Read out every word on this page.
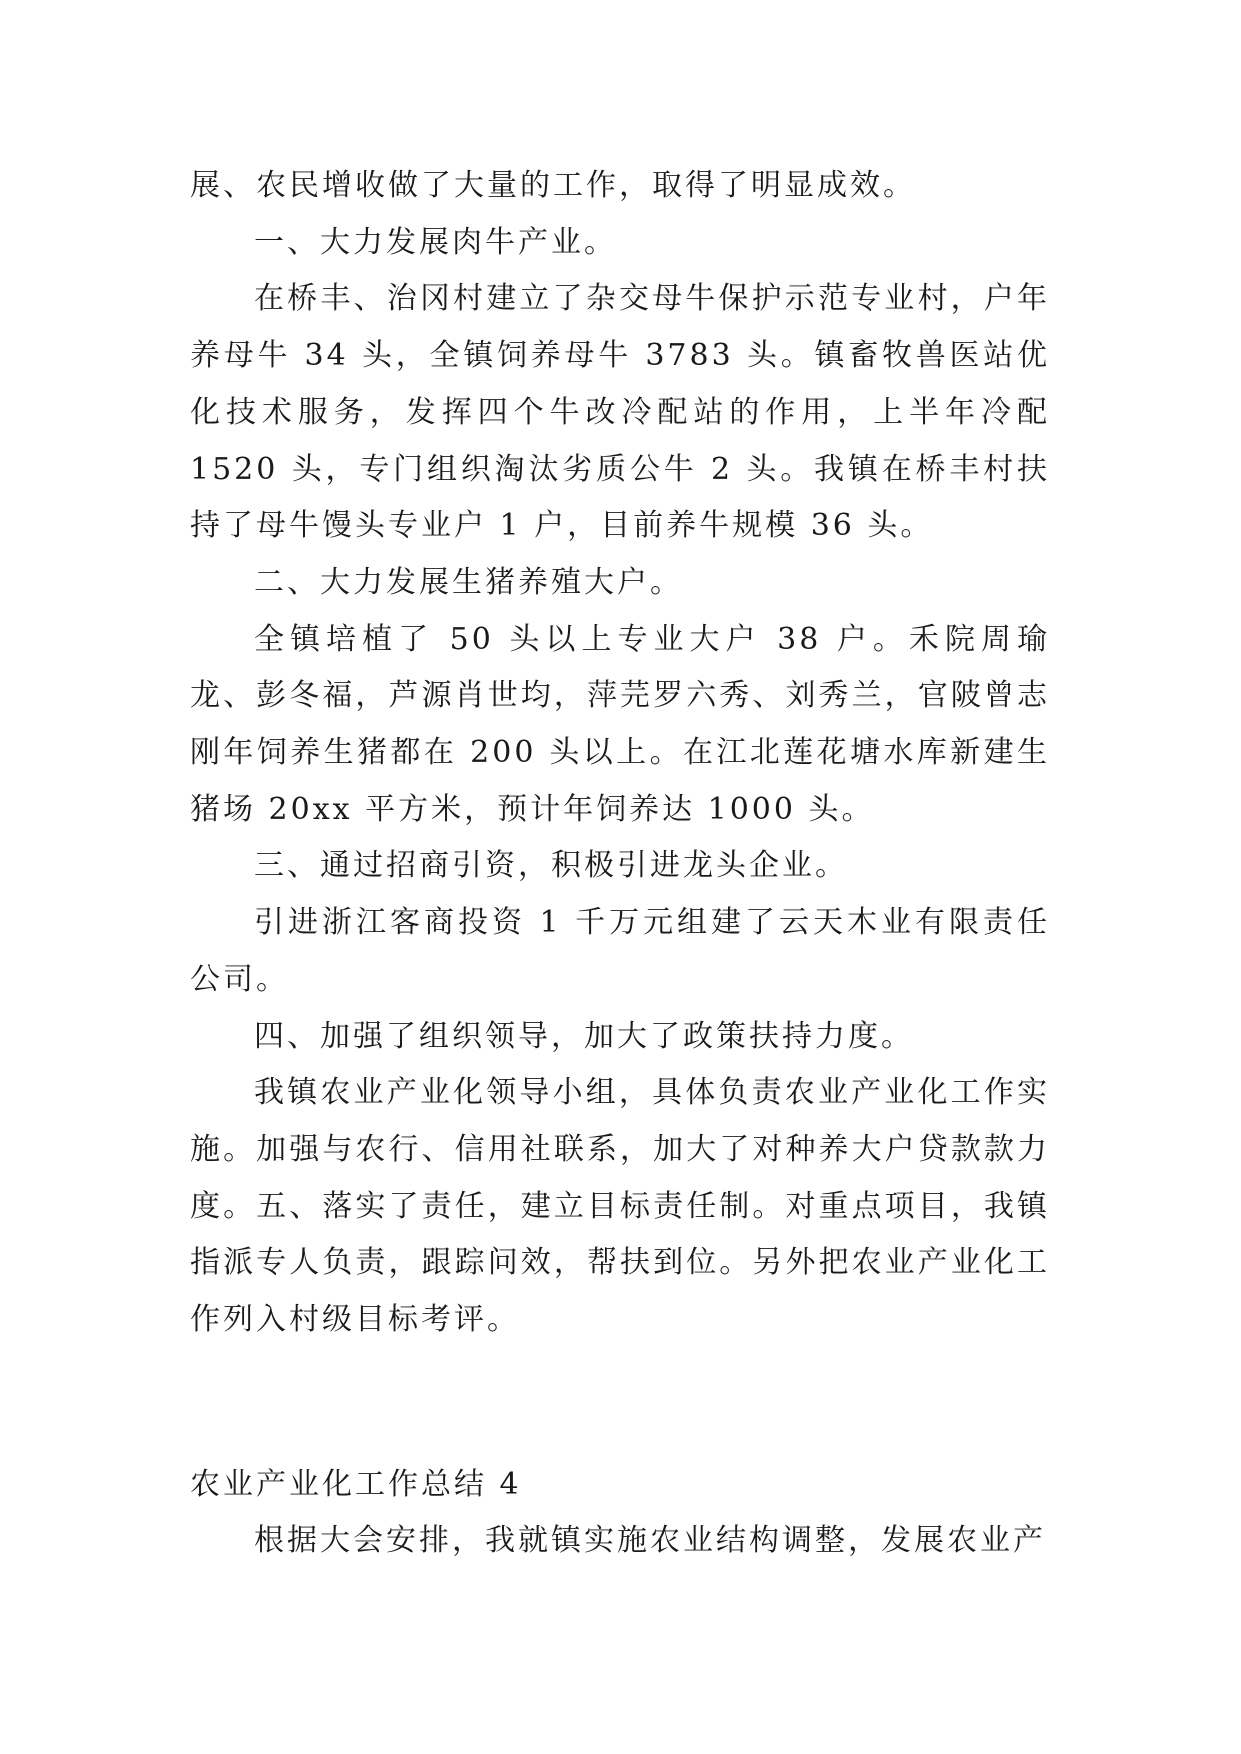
展、农民增收做了大量的工作，取得了明显成效。

一、大力发展肉牛产业。

在桥丰、治冈村建立了杂交母牛保护示范专业村，户年养母牛 34 头，全镇饲养母牛 3783 头。镇畜牧兽医站优化技术服务，发挥四个牛改冷配站的作用，上半年冷配 1520 头，专门组织淘汰劣质公牛 2 头。我镇在桥丰村扶持了母牛馒头专业户 1 户，目前养牛规模 36 头。

二、大力发展生猪养殖大户。

全镇培植了 50 头以上专业大户 38 户。禾院周瑜龙、彭冬福，芦源肖世均，萍芫罗六秀、刘秀兰，官陂曾志刚年饲养生猪都在 200 头以上。在江北莲花塘水库新建生猪场 20xx 平方米，预计年饲养达 1000 头。

三、通过招商引资，积极引进龙头企业。

引进浙江客商投资 1 千万元组建了云天木业有限责任公司。

四、加强了组织领导，加大了政策扶持力度。

我镇农业产业化领导小组，具体负责农业产业化工作实施。加强与农行、信用社联系，加大了对种养大户贷款款力度。五、落实了责任，建立目标责任制。对重点项目，我镇指派专人负责，跟踪问效，帮扶到位。另外把农业产业化工作列入村级目标考评。

农业产业化工作总结 4

根据大会安排，我就镇实施农业结构调整，发展农业产
